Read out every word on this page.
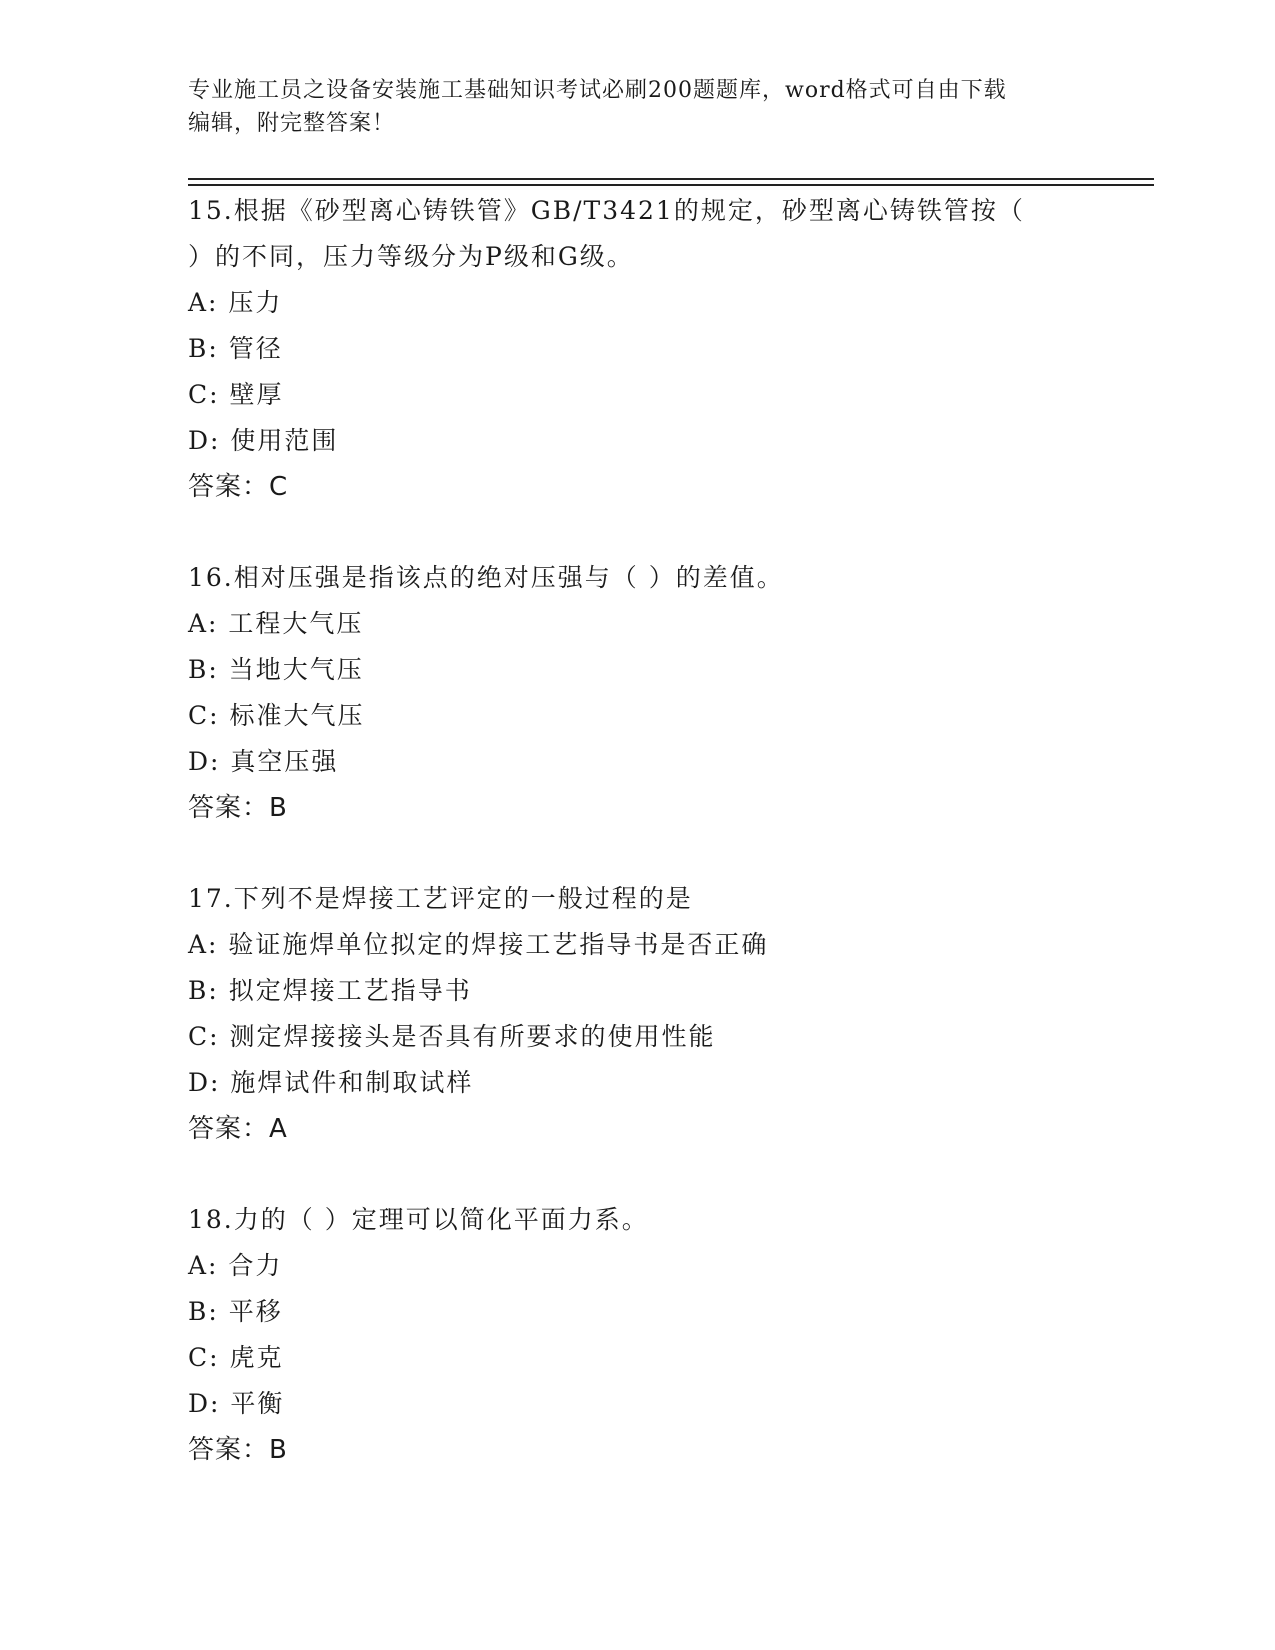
专业施工员之设备安装施工基础知识考试必刷200题题库，word格式可自由下载
编辑，附完整答案！
15.根据《砂型离心铸铁管》GB/T3421的规定，砂型离心铸铁管按（
）的不同，压力等级分为P级和G级。
A: 压力
B: 管径
C: 壁厚
D: 使用范围
答案：C
16.相对压强是指该点的绝对压强与（ ）的差值。
A: 工程大气压
B: 当地大气压
C: 标准大气压
D: 真空压强
答案：B
17.下列不是焊接工艺评定的一般过程的是
A: 验证施焊单位拟定的焊接工艺指导书是否正确
B: 拟定焊接工艺指导书
C: 测定焊接接头是否具有所要求的使用性能
D: 施焊试件和制取试样
答案：A
18.力的（ ）定理可以简化平面力系。
A: 合力
B: 平移
C: 虎克
D: 平衡
答案：B
